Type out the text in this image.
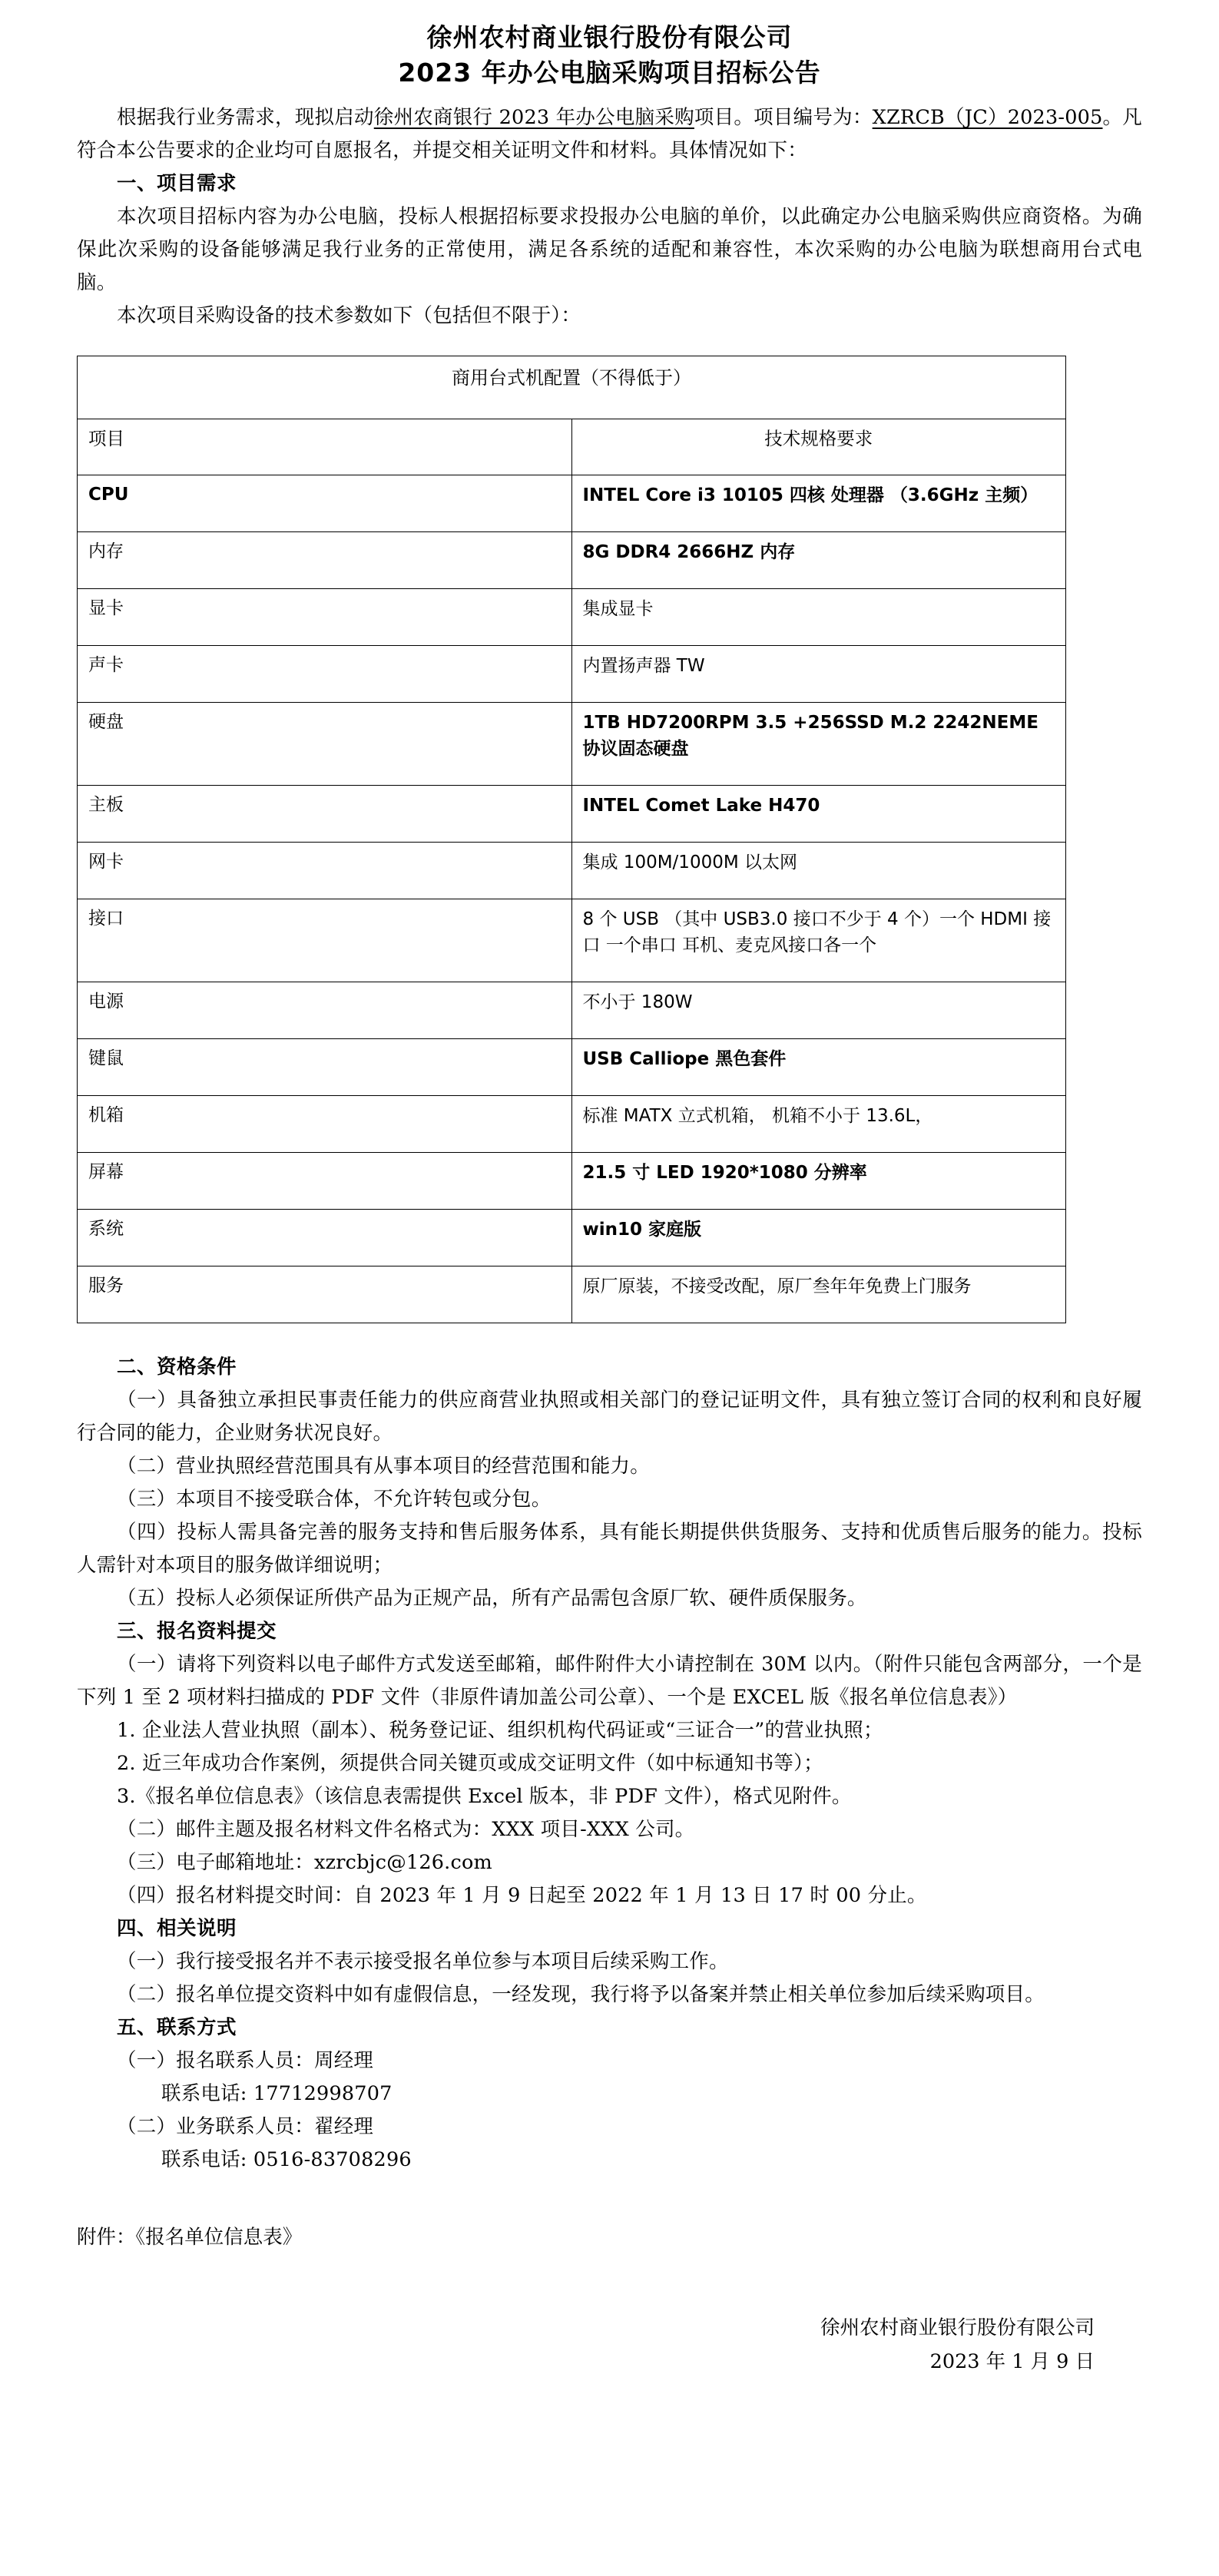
徐州农村商业银行股份有限公司
2023 年办公电脑采购项目招标公告

根据我行业务需求，现拟启动徐州农商银行 2023 年办公电脑采购项目。项目编号为：XZRCB（JC）2023-005。凡符合本公告要求的企业均可自愿报名，并提交相关证明文件和材料。具体情况如下：

一、项目需求

本次项目招标内容为办公电脑，投标人根据招标要求投报办公电脑的单价，以此确定办公电脑采购供应商资格。为确保此次采购的设备能够满足我行业务的正常使用，满足各系统的适配和兼容性，本次采购的办公电脑为联想商用台式电脑。

本次项目采购设备的技术参数如下（包括但不限于）：

商用台式机配置（不得低于）	
项目	技术规格要求
CPU	INTEL Core i3 10105 四核 处理器 （3.6GHz 主频）
内存	8G DDR4 2666HZ 内存
显卡	集成显卡
声卡	内置扬声器 TW
硬盘	1TB HD7200RPM 3.5 +256SSD M.2 2242NEME 协议固态硬盘
主板	INTEL Comet Lake H470
网卡	集成 100M/1000M 以太网
接口	8 个 USB （其中 USB3.0 接口不少于 4 个）一个 HDMI 接口 一个串口 耳机、麦克风接口各一个
电源	不小于 180W
键鼠	USB Calliope 黑色套件
机箱	标准 MATX 立式机箱， 机箱不小于 13.6L，
屏幕	21.5 寸 LED 1920*1080 分辨率
系统	win10 家庭版
服务	原厂原装，不接受改配，原厂叁年年免费上门服务

二、资格条件

（一）具备独立承担民事责任能力的供应商营业执照或相关部门的登记证明文件，具有独立签订合同的权利和良好履行合同的能力，企业财务状况良好。

（二）营业执照经营范围具有从事本项目的经营范围和能力。

（三）本项目不接受联合体，不允许转包或分包。

（四）投标人需具备完善的服务支持和售后服务体系，具有能长期提供供货服务、支持和优质售后服务的能力。投标人需针对本项目的服务做详细说明；

（五）投标人必须保证所供产品为正规产品，所有产品需包含原厂软、硬件质保服务。

三、报名资料提交

（一）请将下列资料以电子邮件方式发送至邮箱，邮件附件大小请控制在 30M 以内。（附件只能包含两部分，一个是下列 1 至 2 项材料扫描成的 PDF 文件（非原件请加盖公司公章）、一个是 EXCEL 版《报名单位信息表》）

1. 企业法人营业执照（副本）、税务登记证、组织机构代码证或“三证合一”的营业执照；

2. 近三年成功合作案例，须提供合同关键页或成交证明文件（如中标通知书等）；

3.《报名单位信息表》（该信息表需提供 Excel 版本，非 PDF 文件），格式见附件。

（二）邮件主题及报名材料文件名格式为：XXX 项目-XXX 公司。

（三）电子邮箱地址：xzrcbjc@126.com

（四）报名材料提交时间：自 2023 年 1 月 9 日起至 2022 年 1 月 13 日 17 时 00 分止。

四、相关说明

（一）我行接受报名并不表示接受报名单位参与本项目后续采购工作。

（二）报名单位提交资料中如有虚假信息，一经发现，我行将予以备案并禁止相关单位参加后续采购项目。

五、联系方式

（一）报名联系人员：周经理

联系电话: 17712998707

（二）业务联系人员：翟经理

联系电话: 0516-83708296

附件：《报名单位信息表》

徐州农村商业银行股份有限公司
2023 年 1 月 9 日
